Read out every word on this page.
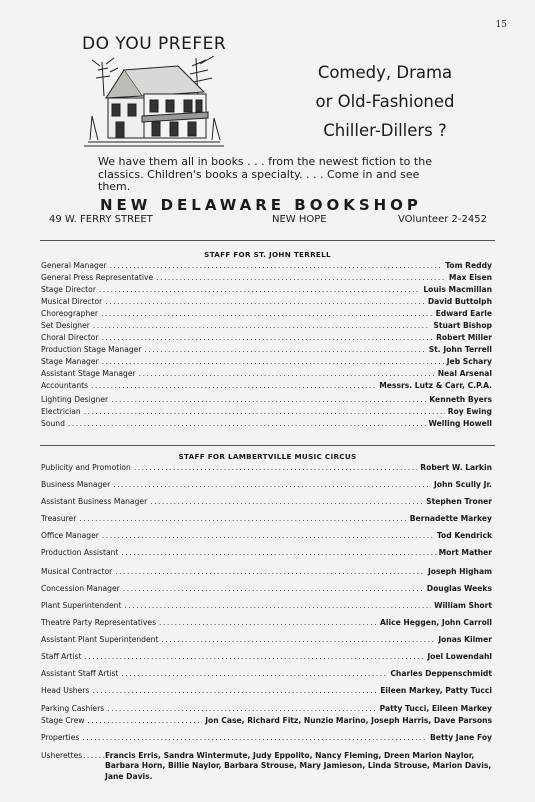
15
DO YOU PREFER
Comedy, Drama
or Old-Fashioned
Chiller-Dillers ?
We have them all in books . . . from the newest fiction to the classics. Children's books a specialty. . . . Come in and see them.
NEW DELAWARE BOOKSHOP
49 W. FERRY STREET	NEW HOPE	VOlunteer 2-2452
STAFF FOR ST. JOHN TERRELL
General Manager .....	Tom Reddy
General Press Representative .....	Max Eisen
Stage Director .....	Louis Macmillan
Musical Director .....	David Buttolph
Choreographer .....	Edward Earle
Set Designer .....	Stuart Bishop
Choral Director .....	Robert Miller
Production Stage Manager .....	St. John Terrell
Stage Manager .....	Jeb Schary
Assistant Stage Manager .....	Neal Arsenal
Accountants .....	Messrs. Lutz & Carr, C.P.A.
Lighting Designer .....	Kenneth Byers
Electrician .....	Roy Ewing
Sound .....	Welling Howell
STAFF FOR LAMBERTVILLE MUSIC CIRCUS
Publicity and Promotion .....	Robert W. Larkin
Business Manager .....	John Scully Jr.
Assistant Business Manager .....	Stephen Troner
Treasurer .....	Bernadette Markey
Office Manager .....	Tod Kendrick
Production Assistant .....	Mort Mather
Musical Contractor .....	Joseph Higham
Concession Manager .....	Douglas Weeks
Plant Superintendent .....	William Short
Theatre Party Representatives .....	Alice Heggen, John Carroll
Assistant Plant Superintendent .....	Jonas Kilmer
Staff Artist .....	Joel Lowendahl
Assistant Staff Artist .....	Charles Deppenschmidt
Head Ushers .....	Eileen Markey, Patty Tucci
Parking Cashiers .....	Patty Tucci, Eileen Markey
Stage Crew .....	Jon Case, Richard Fitz, Nunzio Marino, Joseph Harris, Dave Parsons
Properties .....	Betty Jane Foy
Usherettes ........
Francis Erris, Sandra Wintermute, Judy Eppolito, Nancy Fleming, Dreen Marion Naylor, Barbara Horn, Billie Naylor, Barbara Strouse, Mary Jamieson, Linda Strouse, Marion Davis, Jane Davis.
